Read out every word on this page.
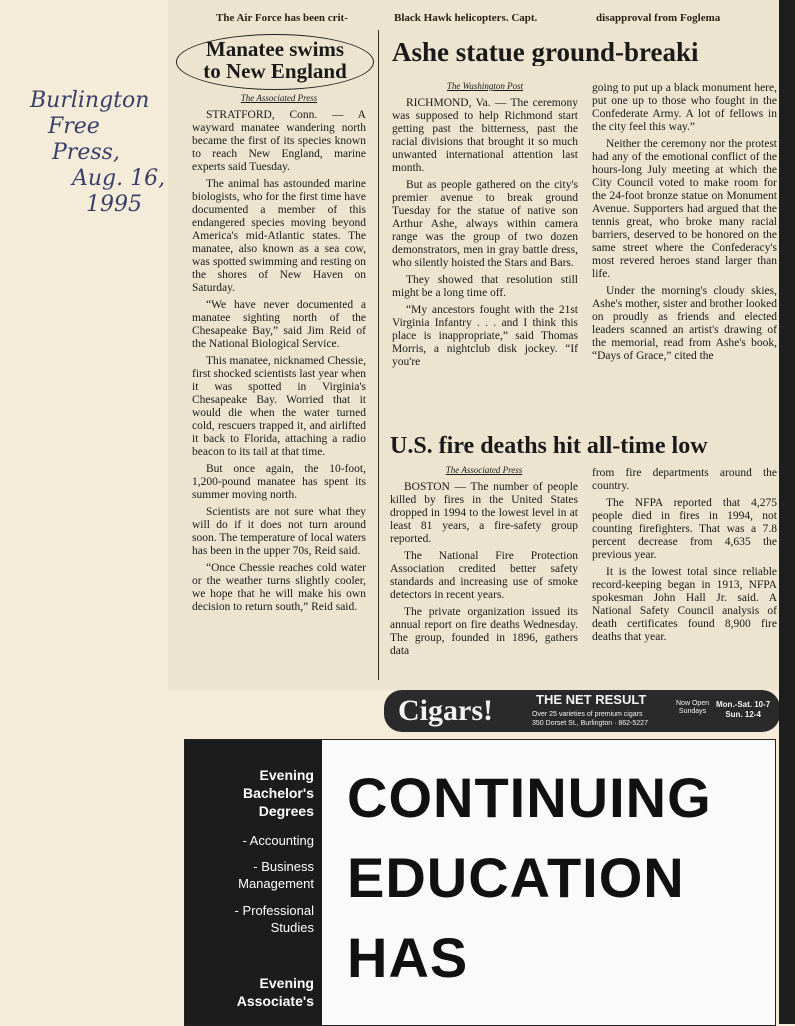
The Air Force has been crit-	Black Hawk helicopters. Capt.	disapproval from Foglema
Burlington
Free
Press,
Aug. 16,
1995
Manatee swims
to New England
The Associated Press

STRATFORD, Conn. — A wayward manatee wandering north became the first of its species known to reach New England, marine experts said Tuesday.

The animal has astounded marine biologists, who for the first time have documented a member of this endangered species moving beyond America's mid-Atlantic states. The manatee, also known as a sea cow, was spotted swimming and resting on the shores of New Haven on Saturday.

“We have never documented a manatee sighting north of the Chesapeake Bay,” said Jim Reid of the National Biological Service.

This manatee, nicknamed Chessie, first shocked scientists last year when it was spotted in Virginia's Chesapeake Bay. Worried that it would die when the water turned cold, rescuers trapped it, and airlifted it back to Florida, attaching a radio beacon to its tail at that time.

But once again, the 10-foot, 1,200-pound manatee has spent its summer moving north.

Scientists are not sure what they will do if it does not turn around soon. The temperature of local waters has been in the upper 70s, Reid said.

“Once Chessie reaches cold water or the weather turns slightly cooler, we hope that he will make his own decision to return south,” Reid said.

Ashe statue ground-breaki
The Washington Post

RICHMOND, Va. — The ceremony was supposed to help Richmond start getting past the bitterness, past the racial divisions that brought it so much unwanted international attention last month.

But as people gathered on the city's premier avenue to break ground Tuesday for the statue of native son Arthur Ashe, always within camera range was the group of two dozen demonstrators, men in gray battle dress, who silently hoisted the Stars and Bars.

They showed that resolution still might be a long time off.

“My ancestors fought with the 21st Virginia Infantry . . . and I think this place is inappropriate,” said Thomas Morris, a nightclub disk jockey. “If you're

going to put up a black monument here, put one up to those who fought in the Confederate Army. A lot of fellows in the city feel this way.”

Neither the ceremony nor the protest had any of the emotional conflict of the hours-long July meeting at which the City Council voted to make room for the 24-foot bronze statue on Monument Avenue. Supporters had argued that the tennis great, who broke many racial barriers, deserved to be honored on the same street where the Confederacy's most revered heroes stand larger than life.

Under the morning's cloudy skies, Ashe's mother, sister and brother looked on proudly as friends and elected leaders scanned an artist's drawing of the memorial, read from Ashe's book, “Days of Grace,” cited the

U.S. fire deaths hit all-time low
The Associated Press

BOSTON — The number of people killed by fires in the United States dropped in 1994 to the lowest level in at least 81 years, a fire-safety group reported.

The National Fire Protection Association credited better safety standards and increasing use of smoke detectors in recent years.

The private organization issued its annual report on fire deaths Wednesday. The group, founded in 1896, gathers data

from fire departments around the country.

The NFPA reported that 4,275 people died in fires in 1994, not counting firefighters. That was a 7.8 percent decrease from 4,635 the previous year.

It is the lowest total since reliable record-keeping began in 1913, NFPA spokesman John Hall Jr. said. A National Safety Council analysis of death certificates found 8,900 fire deaths that year.

Cigars!	THE NET RESULT
Over 25 varieties of premium cigars
350 Dorset St., Burlington · 862-5227
Now Open
Sundays
Mon.-Sat. 10-7
Sun. 12-4
Evening
Bachelor's
Degrees
- Accounting
- Business
Management
- Professional
Studies
Evening
Associate's
CONTINUING
EDUCATION
HAS
